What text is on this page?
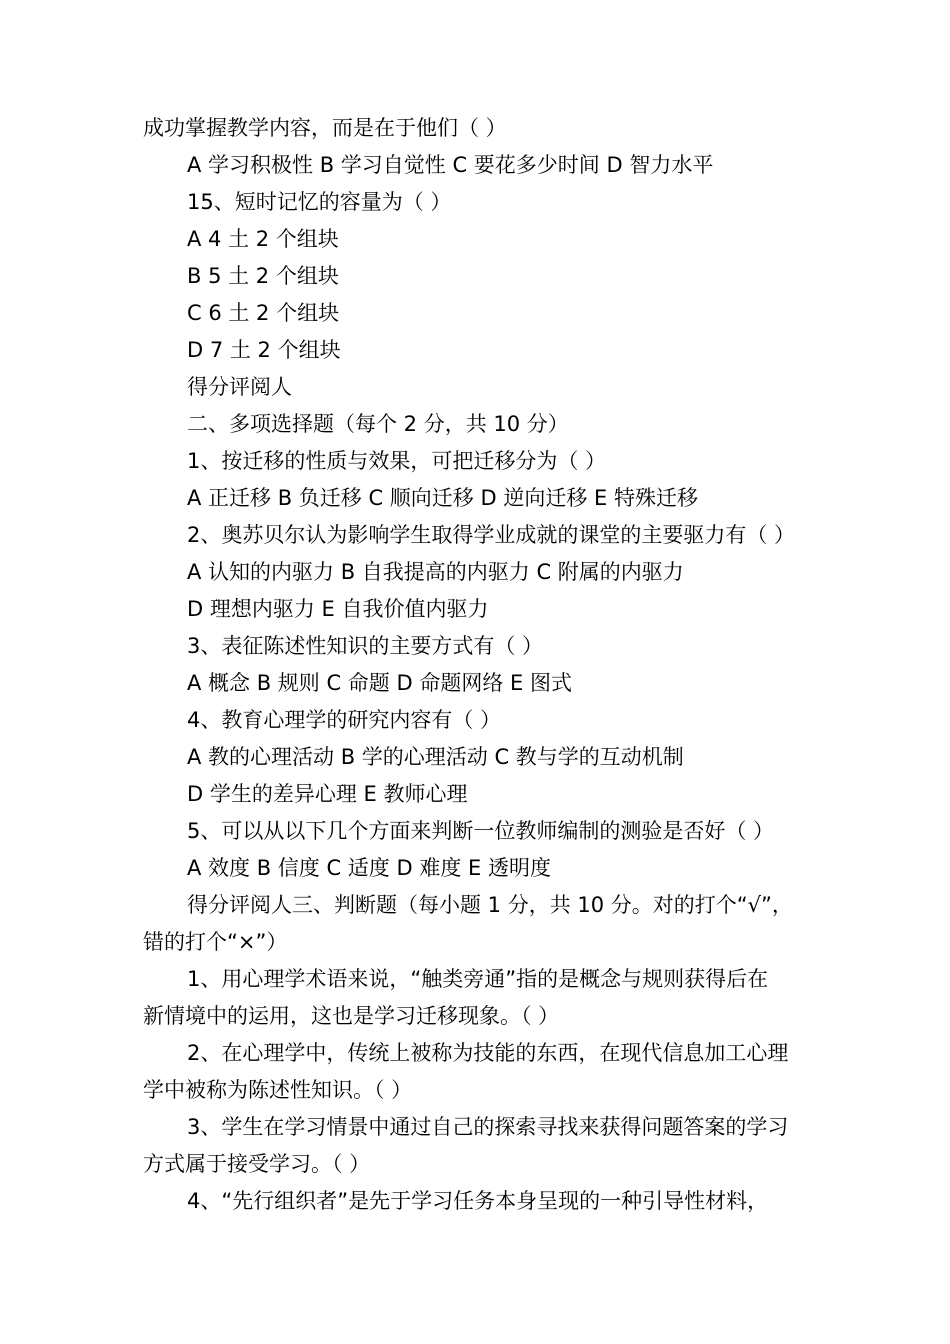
成功掌握教学内容，而是在于他们（ ）
A 学习积极性 B 学习自觉性 C 要花多少时间 D 智力水平
15、短时记忆的容量为（ ）
A 4 土 2 个组块
B 5 土 2 个组块
C 6 土 2 个组块
D 7 土 2 个组块
得分评阅人
二、多项选择题（每个 2 分，共 10 分）
1、按迁移的性质与效果，可把迁移分为（ ）
A 正迁移 B 负迁移 C 顺向迁移 D 逆向迁移 E 特殊迁移
2、奥苏贝尔认为影响学生取得学业成就的课堂的主要驱力有（ ）
A 认知的内驱力 B 自我提高的内驱力 C 附属的内驱力
D 理想内驱力 E 自我价值内驱力
3、表征陈述性知识的主要方式有（ ）
A 概念 B 规则 C 命题 D 命题网络 E 图式
4、教育心理学的研究内容有（ ）
A 教的心理活动 B 学的心理活动 C 教与学的互动机制
D 学生的差异心理 E 教师心理
5、可以从以下几个方面来判断一位教师编制的测验是否好（ ）
A 效度 B 信度 C 适度 D 难度 E 透明度
得分评阅人三、判断题（每小题 1 分，共 10 分。对的打个“√”，
错的打个“×”）
1、用心理学术语来说，“触类旁通”指的是概念与规则获得后在
新情境中的运用，这也是学习迁移现象。（ ）
2、在心理学中，传统上被称为技能的东西，在现代信息加工心理
学中被称为陈述性知识。（ ）
3、学生在学习情景中通过自己的探索寻找来获得问题答案的学习
方式属于接受学习。（ ）
4、“先行组织者”是先于学习任务本身呈现的一种引导性材料，
